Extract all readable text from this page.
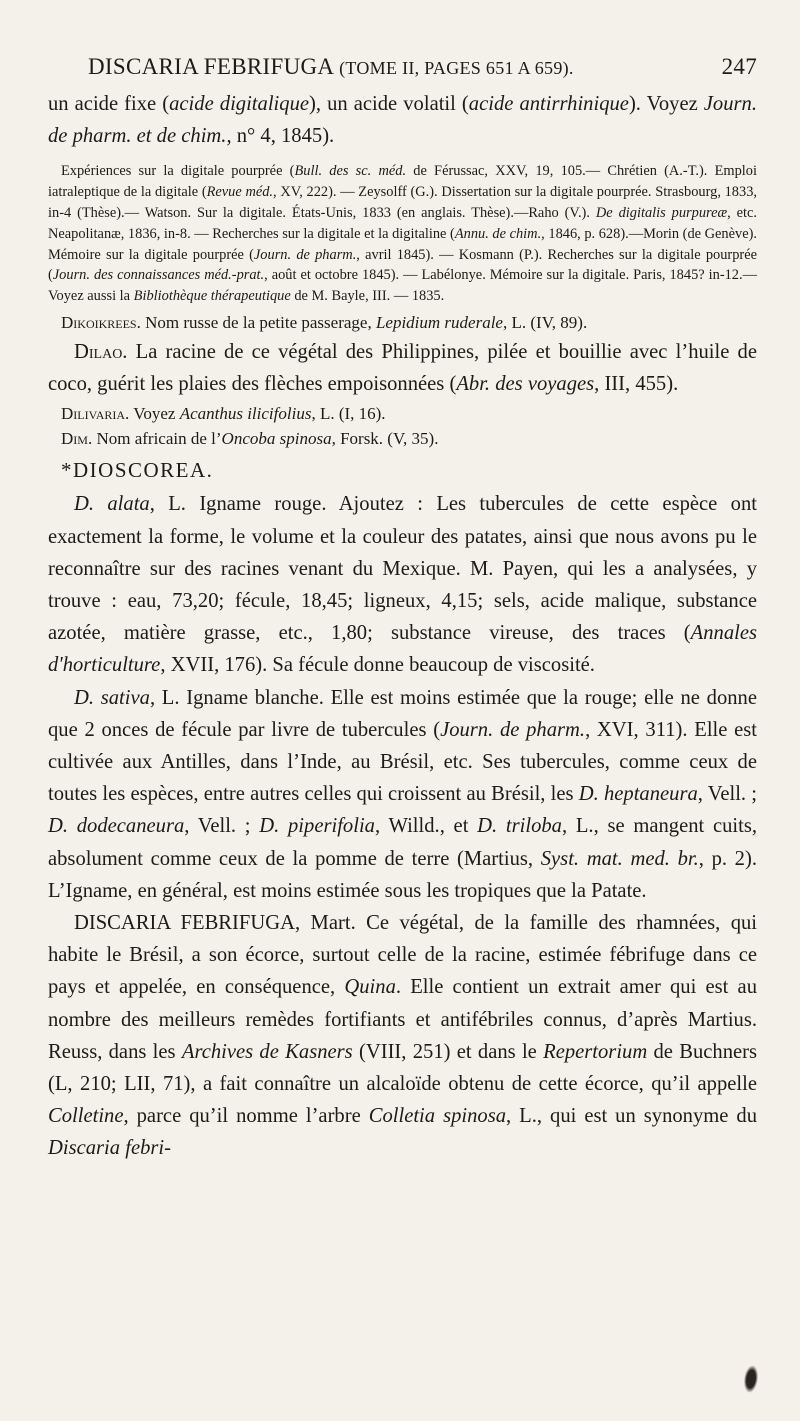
DISCARIA FEBRIFUGA (TOME II, PAGES 651 A 659).	247

un acide fixe (acide digitalique), un acide volatil (acide antirrhinique). Voyez Journ. de pharm. et de chim., n° 4, 1845).

Expériences sur la digitale pourprée (Bull. des sc. méd. de Férussac, XXV, 19, 105.— Chrétien (A.-T.). Emploi iatraleptique de la digitale (Revue méd., XV, 222). — Zeysolff (G.). Dissertation sur la digitale pourprée. Strasbourg, 1833, in-4 (Thèse).— Watson. Sur la digitale. États-Unis, 1833 (en anglais. Thèse).—Raho (V.). De digitalis purpureæ, etc. Neapolitanæ, 1836, in-8. — Recherches sur la digitale et la digitaline (Annu. de chim., 1846, p. 628).—Morin (de Genève). Mémoire sur la digitale pourprée (Journ. de pharm., avril 1845). — Kosmann (P.). Recherches sur la digitale pourprée (Journ. des connaissances méd.-prat., août et octobre 1845). — Labélonye. Mémoire sur la digitale. Paris, 1845? in-12.—Voyez aussi la Bibliothèque thérapeutique de M. Bayle, III. — 1835.

Dikoikrees. Nom russe de la petite passerage, Lepidium ruderale, L. (IV, 89).

Dilao. La racine de ce végétal des Philippines, pilée et bouillie avec l’huile de coco, guérit les plaies des flèches empoisonnées (Abr. des voyages, III, 455).

Dilivaria. Voyez Acanthus ilicifolius, L. (I, 16).

Dim. Nom africain de l’Oncoba spinosa, Forsk. (V, 35).

*DIOSCOREA.

D. alata, L. Igname rouge. Ajoutez : Les tubercules de cette espèce ont exactement la forme, le volume et la couleur des patates, ainsi que nous avons pu le reconnaître sur des racines venant du Mexique. M. Payen, qui les a analysées, y trouve : eau, 73,20; fécule, 18,45; ligneux, 4,15; sels, acide malique, substance azotée, matière grasse, etc., 1,80; substance vireuse, des traces (Annales d'horticulture, XVII, 176). Sa fécule donne beaucoup de viscosité.

D. sativa, L. Igname blanche. Elle est moins estimée que la rouge; elle ne donne que 2 onces de fécule par livre de tubercules (Journ. de pharm., XVI, 311). Elle est cultivée aux Antilles, dans l’Inde, au Brésil, etc. Ses tubercules, comme ceux de toutes les espèces, entre autres celles qui croissent au Brésil, les D. heptaneura, Vell. ; D. dodecaneura, Vell. ; D. piperifolia, Willd., et D. triloba, L., se mangent cuits, absolument comme ceux de la pomme de terre (Martius, Syst. mat. med. br., p. 2). L’Igname, en général, est moins estimée sous les tropiques que la Patate.

DISCARIA FEBRIFUGA, Mart. Ce végétal, de la famille des rhamnées, qui habite le Brésil, a son écorce, surtout celle de la racine, estimée fébrifuge dans ce pays et appelée, en conséquence, Quina. Elle contient un extrait amer qui est au nombre des meilleurs remèdes fortifiants et antifébriles connus, d’après Martius. Reuss, dans les Archives de Kasners (VIII, 251) et dans le Repertorium de Buchners (L, 210; LII, 71), a fait connaître un alcaloïde obtenu de cette écorce, qu’il appelle Colletine, parce qu’il nomme l’arbre Colletia spinosa, L., qui est un synonyme du Discaria febri-
